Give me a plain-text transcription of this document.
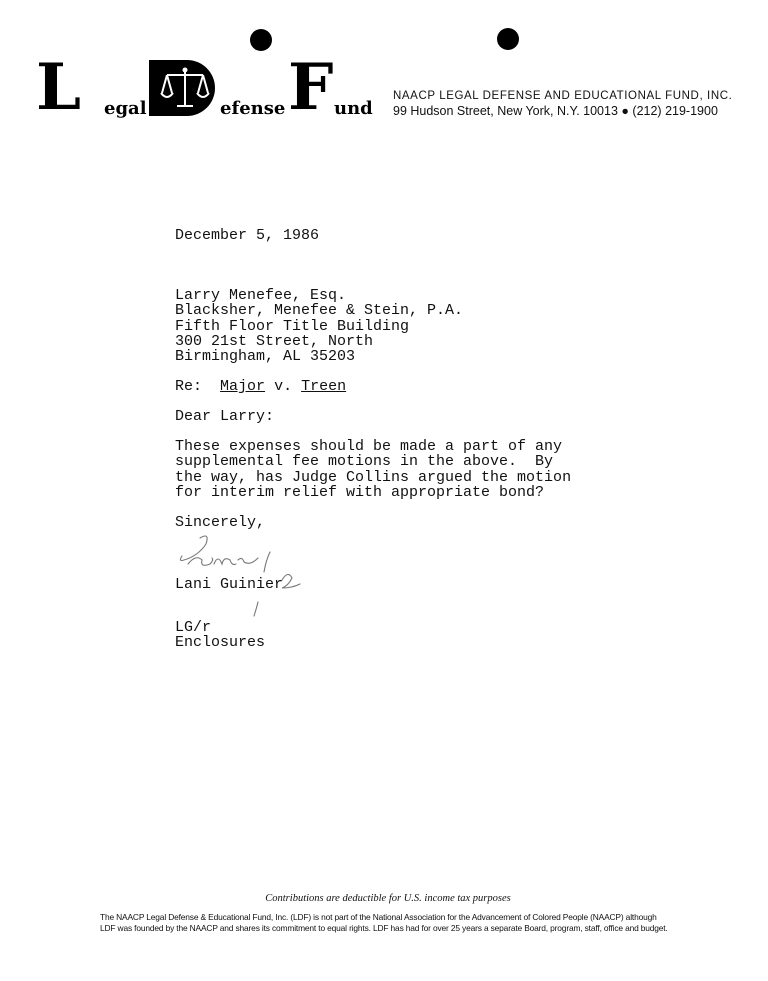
L egal	efense F und
NAACP LEGAL DEFENSE AND EDUCATIONAL FUND, INC.
99 Hudson Street, New York, N.Y. 10013 ● (212) 219-1900
December 5, 1986
Larry Menefee, Esq.
Blacksher, Menefee & Stein, P.A.
Fifth Floor Title Building
300 21st Street, North
Birmingham, AL 35203
Re: Major v. Treen
Dear Larry:
These expenses should be made a part of any
supplemental fee motions in the above.  By
the way, has Judge Collins argued the motion
for interim relief with appropriate bond?
Sincerely,
Lani Guinier
LG/r
Enclosures
Contributions are deductible for U.S. income tax purposes
The NAACP Legal Defense & Educational Fund, Inc. (LDF) is not part of the National Association for the Advancement of Colored People (NAACP) although
LDF was founded by the NAACP and shares its commitment to equal rights. LDF has had for over 25 years a separate Board, program, staff, office and budget.
